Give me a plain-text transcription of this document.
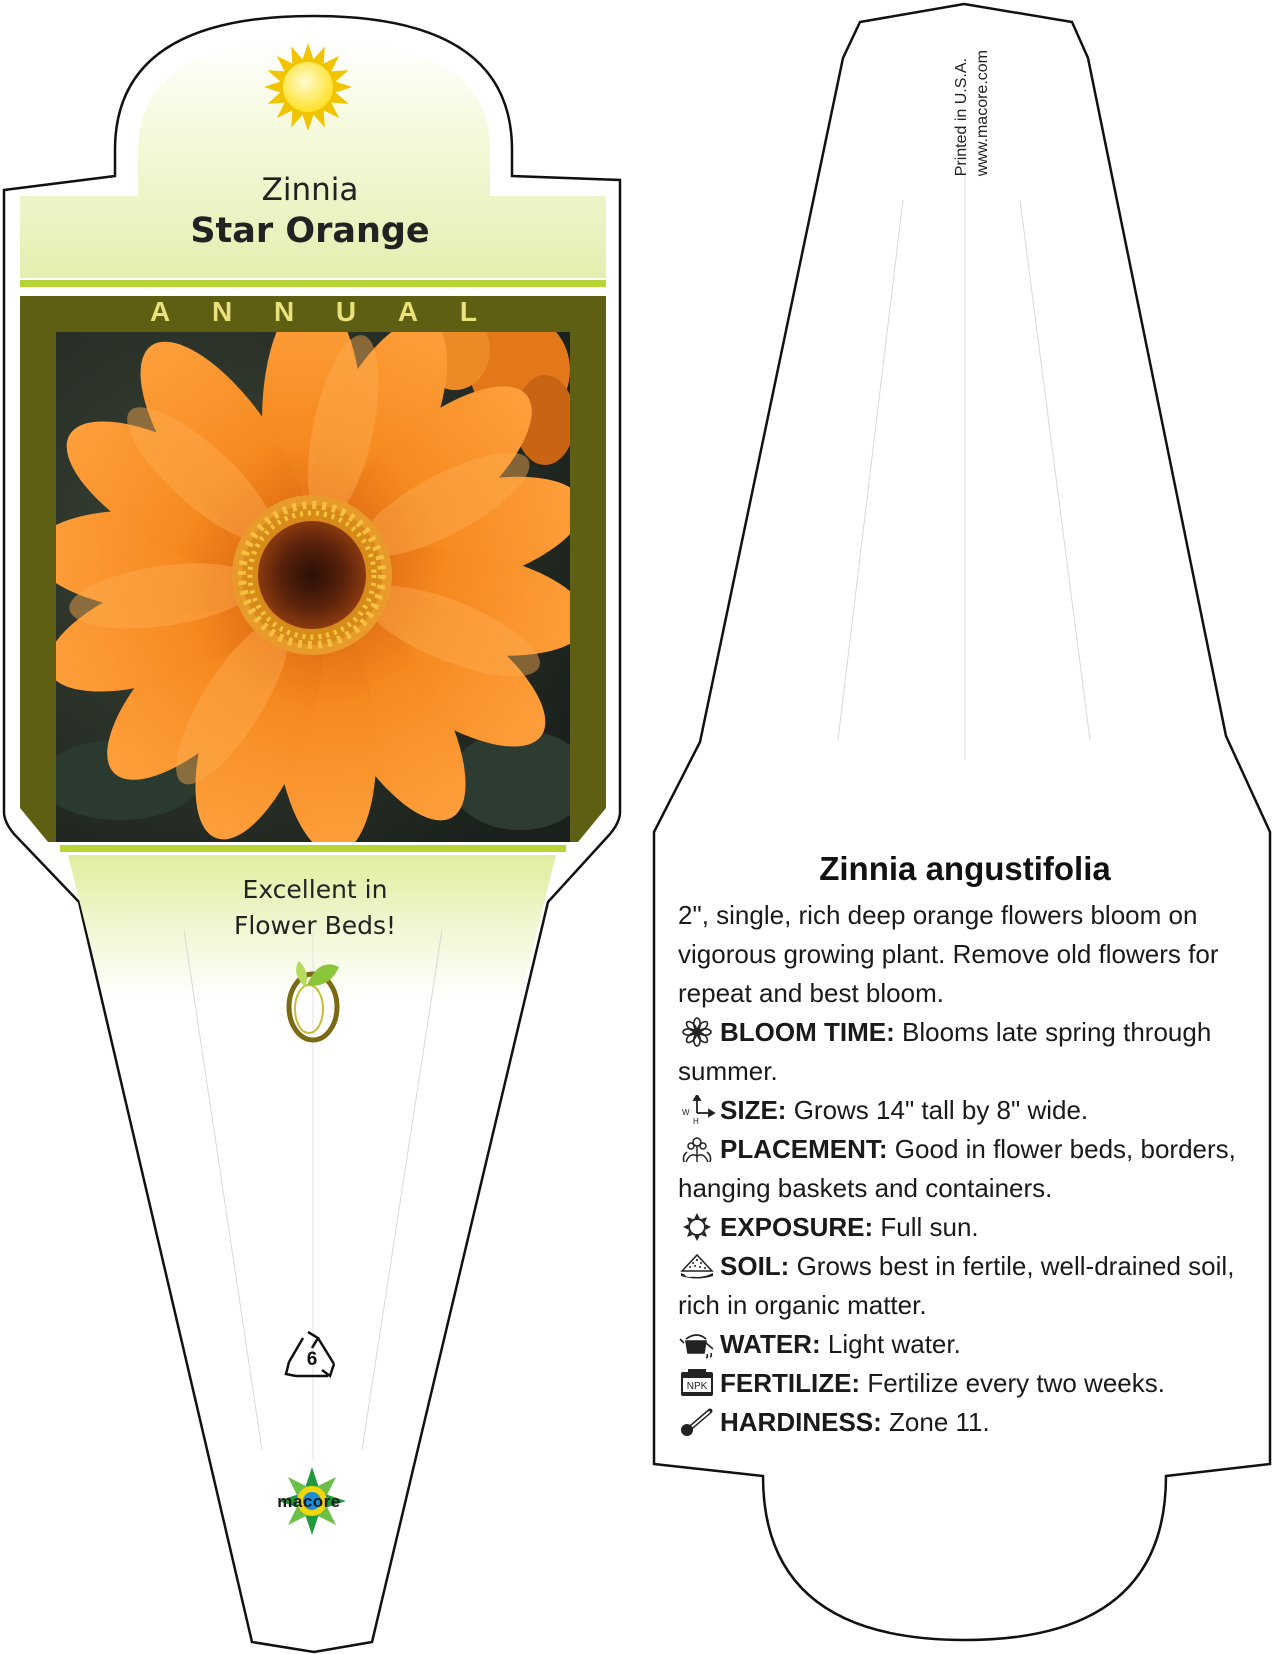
Zinnia
Star Orange
A N N U A L
Excellent in
Flower Beds!
6
macore
Printed in U.S.A. www.macore.com
Zinnia angustifolia

2", single, rich deep orange flowers bloom on vigorous growing plant. Remove old flowers for repeat and best bloom.

BLOOM TIME: Blooms late spring through summer.

W
H SIZE: Grows 14" tall by 8" wide.

PLACEMENT: Good in flower beds, borders, hanging baskets and containers.

EXPOSURE: Full sun.

SOIL: Grows best in fertile, well-drained soil, rich in organic matter.

WATER: Light water.

NPK FERTILIZE: Fertilize every two weeks.

HARDINESS: Zone 11.
